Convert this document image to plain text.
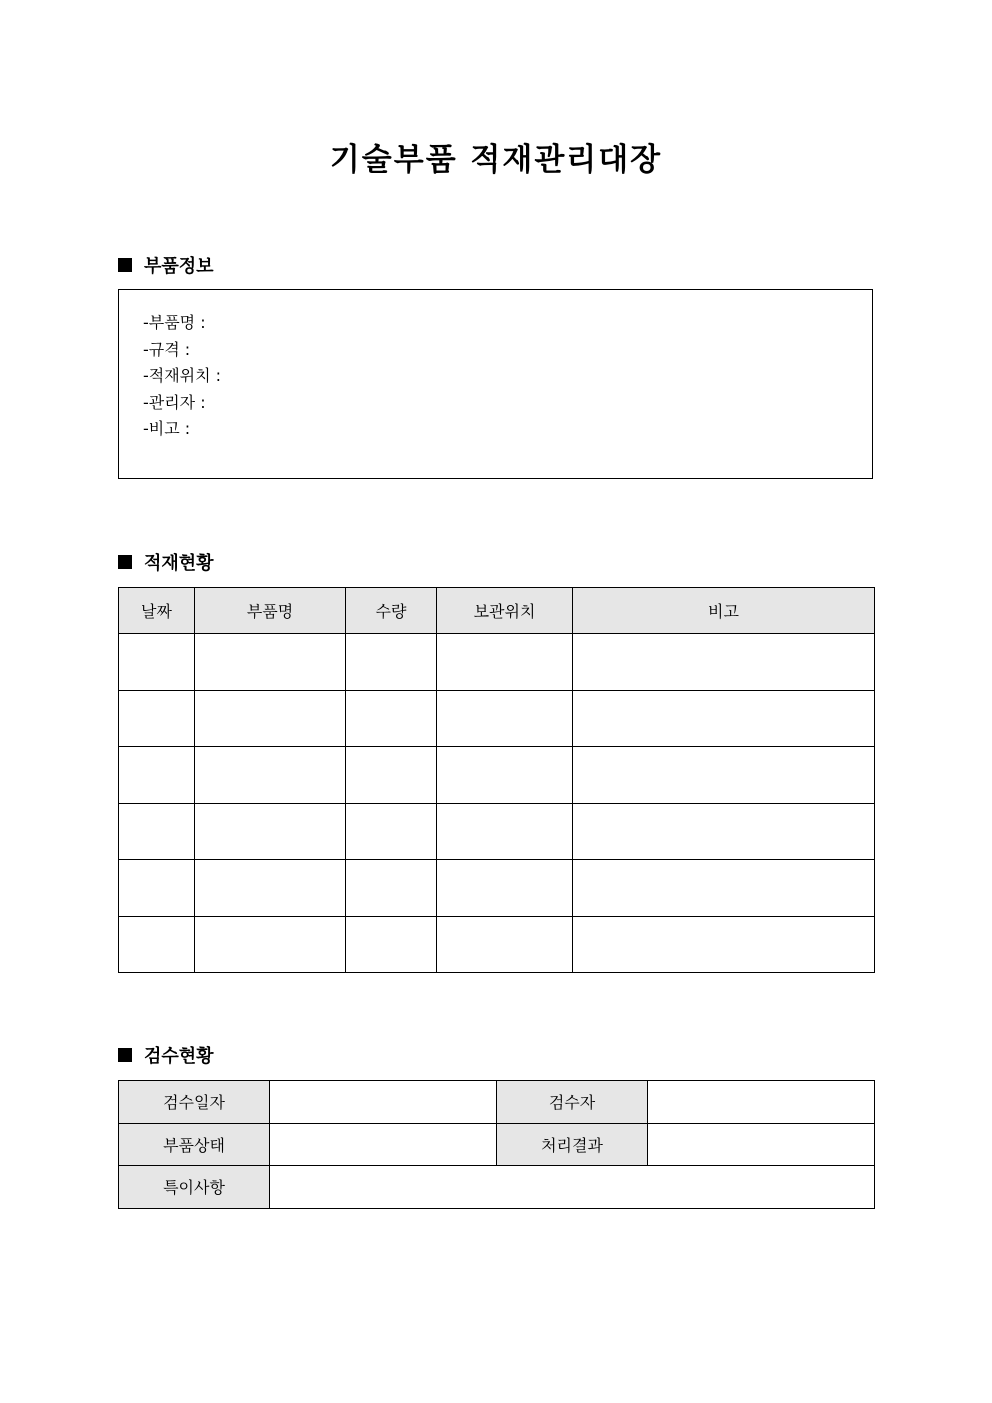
기술부품 적재관리대장
부품정보
-부품명 :
-규격 :
-적재위치 :
-관리자 :
-비고 :
적재현황
날짜	부품명	수량	보관위치	비고

검수현황
검수일자		검수자	
부품상태		처리결과	
특이사항			
